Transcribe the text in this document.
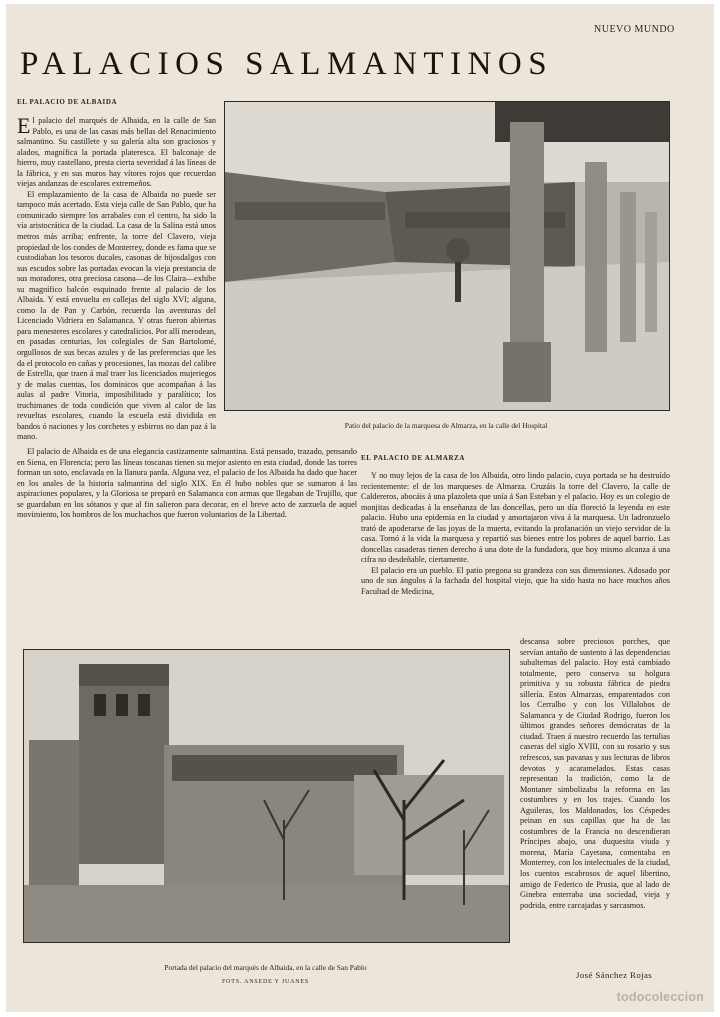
NUEVO MUNDO
PALACIOS SALMANTINOS
EL PALACIO DE ALBAIDA

El palacio del marqués de Albaida, en la calle de San Pablo, es una de las casas más bellas del Renacimiento salmantino. Su castillete y su galería alta son graciosos y alados, magnífica la portada plateresca. El balconaje de hierro, muy castellano, presta cierta severidad á las líneas de la fábrica, y en sus muros hay vítores rojos que recuerdan viejas andanzas de escolares extremeños.

El emplazamiento de la casa de Albaida no puede ser tampoco más acertado. Esta vieja calle de San Pablo, que ha comunicado siempre los arrabales con el centro, ha sido la vía aristocrática de la ciudad. La casa de la Salina está unos metros más arriba; enfrente, la torre del Clavero, vieja propiedad de los condes de Monterrey, donde es fama que se custodiaban los tesoros ducales, casonas de hijosdalgos con sus escudos sobre las portadas evocan la vieja prestancia de sus moradores, otra preciosa casona—de los Claira—exhibe su magnífico balcón esquinado frente al palacio de los Albaida. Y está envuelta en callejas del siglo XVI; alguna, como la de Pan y Carbón, recuerda las aventuras del Licenciado Vidriera en Salamanca. Y otras fueron abiertas para menesteres escolares y catedralicios. Por allí merodean, en pasadas centurias, los colegiales de San Bartolomé, orgullosos de sus becas azules y de las preferencias que les da el protocolo en cañas y procesiones, las mozas del calibre de Estrella, que traen á mal traer los licenciados mujeriegos y de malas cuentas, los dominicos que acompañan á las aulas al padre Vitoria, imposibilitado y paralítico; los truchimanes de toda condición que viven al calor de las revueltas escolares, cuando la escuela está dividida en bandos ó naciones y los corchetes y esbirros no dan paz á la mano.

El palacio de Albaida es de una elegancia castizamente salmantina. Está pensado, trazado, pensando en Siena, en Florencia; pero las líneas toscanas tienen su mejor asiento en esta ciudad, donde las torres forman un soto, enclavada en la llanura parda. Alguna vez, el palacio de los Albaida ha dado que hacer en los anales de la historia salmantina del siglo XIX. En él hubo nobles que se sumaron á las aspiraciones populares, y la Gloriosa se preparó en Salamanca con armas que llegaban de Trujillo, que se guardaban en los sótanos y que al fin salieron para decorar, en el breve acto de zarzuela de aquel movimiento, los hombros de los muchachos que fueron voluntarios de la Libertad.

Patio del palacio de la marquesa de Almarza, en la calle del Hospital
EL PALACIO DE ALMARZA

Y no muy lejos de la casa de los Albaida, otro lindo palacio, cuya portada se ha destruído recientemente: el de los marqueses de Almarza. Cruzáis la torre del Clavero, la calle de Caldereros, abocáis á una plazoleta que unía á San Esteban y el palacio. Hoy es un colegio de monjitas dedicadas á la enseñanza de las doncellas, pero un día floreció la leyenda en este palacio. Hubo una epidemia en la ciudad y amortajaron viva á la marquesa. Un ladronzuelo trató de apoderarse de las joyas de la muerta, evitando la profanación un viejo servidor de la casa. Tornó á la vida la marquesa y repartió sus bienes entre los pobres de aquel barrio. Las doncellas casaderas tienen derecho á una dote de la fundadora, que hoy mismo alcanza á una cifra no desdeñable, ciertamente.

El palacio era un pueblo. El patio pregona su grandeza con sus dimensiones. Adosado por uno de sus ángulos á la fachada del hospital viejo, que ha sido hasta no hace muchos años Facultad de Medicina,

descansa sobre preciosos porches, que servían antaño de sustento á las dependencias subalternas del palacio. Hoy está cambiado totalmente, pero conserva su holgura primitiva y su robusta fábrica de piedra sillería. Estos Almarzas, emparentados con los Cerralbo y con los Villalobos de Salamanca y de Ciudad Rodrigo, fueron los últimos grandes señores demócratas de la ciudad. Traen á nuestro recuerdo las tertulias caseras del siglo XVIII, con su rosario y sus refrescos, sus pavanas y sus lecturas de libros devotos y acaramelados. Estas casas representan la tradición, como la de Montaner simbolizaba la reforma en las costumbres y en los trajes. Cuando los Aguileras, los Maldonados, los Céspedes peinan en sus capillas que ha de las costumbres de la Francia no descendieran Príncipes abajo, una duquesita viuda y morena, María Cayetana, comentaba en Monterrey, con los intelectuales de la ciudad, los cuentos escabrosos de aquel libertino, amigo de Federico de Prusia, que al lado de Ginebra enterraba una sociedad, vieja y podrida, entre carcajadas y sarcasmos.

José Sánchez Rojas
Portada del palacio del marqués de Albaida, en la calle de San Pablo
FOTS. ANSEDE Y JUANES
todocoleccion
